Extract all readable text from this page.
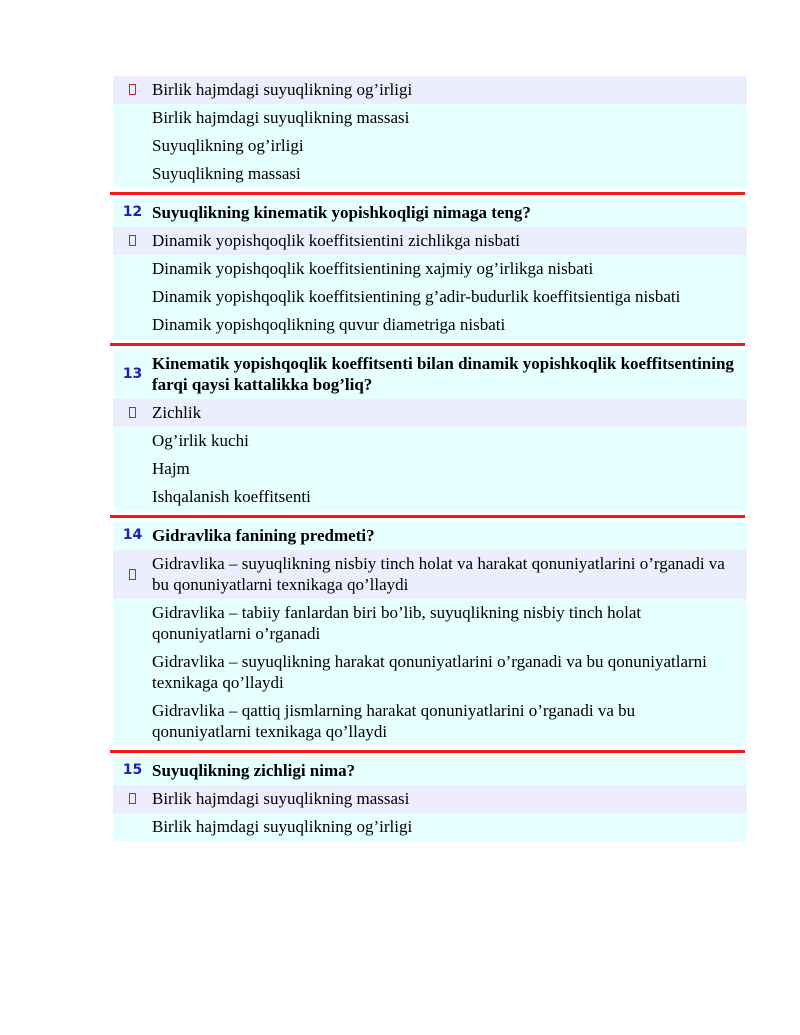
Birlik hajmdagi suyuqlikning og’irligi
Birlik hajmdagi suyuqlikning massasi
Suyuqlikning og’irligi
Suyuqlikning massasi
12 Suyuqlikning kinematik yopishkoqligi nimaga teng?
Dinamik yopishqoqlik koeffitsientini zichlikga nisbati
Dinamik yopishqoqlik koeffitsientining xajmiy og’irlikga nisbati
Dinamik yopishqoqlik koeffitsientining g’adir-budurlik koeffitsientiga nisbati
Dinamik yopishqoqlikning quvur diametriga nisbati
13
Kinematik yopishqoqlik koeffitsenti bilan dinamik yopishkoqlik koeffitsentining farqi qaysi kattalikka bog’liq?
Zichlik
Og’irlik kuchi
Hajm
Ishqalanish koeffitsenti
14 Gidravlika fanining predmeti?
Gidravlika – suyuqlikning nisbiy tinch holat va harakat qonuniyatlarini o’rganadi va bu qonuniyatlarni texnikaga qo’llaydi
Gidravlika – tabiiy fanlardan biri bo’lib, suyuqlikning nisbiy tinch holat qonuniyatlarni o’rganadi
Gidravlika – suyuqlikning harakat qonuniyatlarini o’rganadi va bu qonuniyatlarni texnikaga qo’llaydi
Gidravlika – qattiq jismlarning harakat qonuniyatlarini o’rganadi va bu qonuniyatlarni texnikaga qo’llaydi
15 Suyuqlikning zichligi nima?
Birlik hajmdagi suyuqlikning massasi
Birlik hajmdagi suyuqlikning og’irligi
